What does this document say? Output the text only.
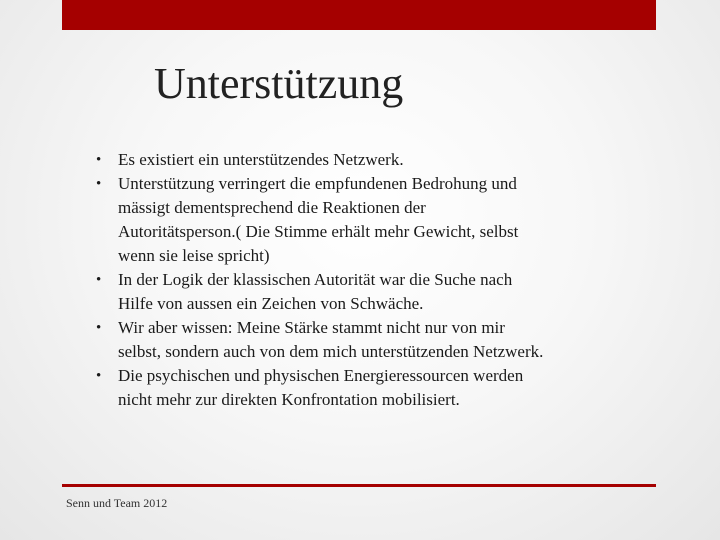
Unterstützung
• Es existiert ein unterstützendes Netzwerk.
• Unterstützung verringert die empfundenen Bedrohung und
mässigt dementsprechend die Reaktionen der
Autoritätsperson.( Die Stimme erhält mehr Gewicht, selbst
wenn sie leise spricht)
• In der Logik der klassischen Autorität war die Suche nach
Hilfe von aussen ein Zeichen von Schwäche.
• Wir aber wissen: Meine Stärke stammt nicht nur von mir
selbst, sondern auch von dem mich unterstützenden Netzwerk.
• Die psychischen und physischen Energieressourcen werden
nicht mehr zur direkten Konfrontation mobilisiert.
Senn und Team 2012
